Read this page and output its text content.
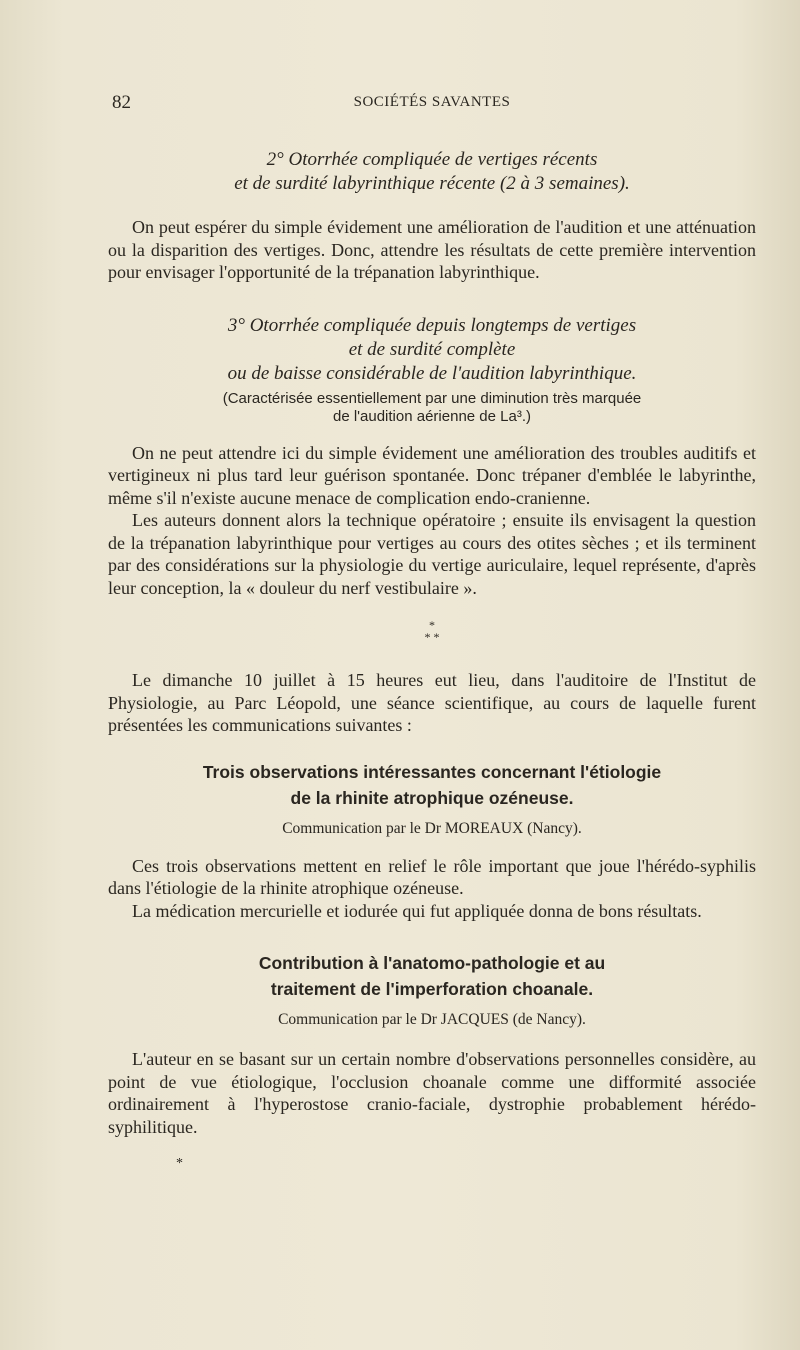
82	SOCIÉTÉS SAVANTES

2° Otorrhée compliquée de vertiges récents

et de surdité labyrinthique récente (2 à 3 semaines).

On peut espérer du simple évidement une amélioration de l'audition et une atténuation ou la disparition des vertiges. Donc, attendre les résultats de cette première intervention pour envisager l'opportunité de la trépanation labyrinthique.

3° Otorrhée compliquée depuis longtemps de vertiges

et de surdité complète

ou de baisse considérable de l'audition labyrinthique.

(Caractérisée essentiellement par une diminution très marquée

de l'audition aérienne de La³.)

On ne peut attendre ici du simple évidement une amélioration des troubles auditifs et vertigineux ni plus tard leur guérison spontanée. Donc trépaner d'emblée le labyrinthe, même s'il n'existe aucune menace de complication endo-cranienne.

Les auteurs donnent alors la technique opératoire ; ensuite ils envisagent la question de la trépanation labyrinthique pour vertiges au cours des otites sèches ; et ils terminent par des considérations sur la physiologie du vertige auriculaire, lequel représente, d'après leur conception, la « douleur du nerf vestibulaire ».

*
* *

Le dimanche 10 juillet à 15 heures eut lieu, dans l'auditoire de l'Institut de Physiologie, au Parc Léopold, une séance scientifique, au cours de laquelle furent présentées les communications suivantes :

Trois observations intéressantes concernant l'étiologie

de la rhinite atrophique ozéneuse.

Communication par le Dr MOREAUX (Nancy).

Ces trois observations mettent en relief le rôle important que joue l'hérédo-syphilis dans l'étiologie de la rhinite atrophique ozéneuse.

La médication mercurielle et iodurée qui fut appliquée donna de bons résultats.

Contribution à l'anatomo-pathologie et au

traitement de l'imperforation choanale.

Communication par le Dr JACQUES (de Nancy).

L'auteur en se basant sur un certain nombre d'observations personnelles considère, au point de vue étiologique, l'occlusion choanale comme une difformité associée ordinairement à l'hyperostose cranio-faciale, dystrophie probablement hérédo-syphilitique.

*
